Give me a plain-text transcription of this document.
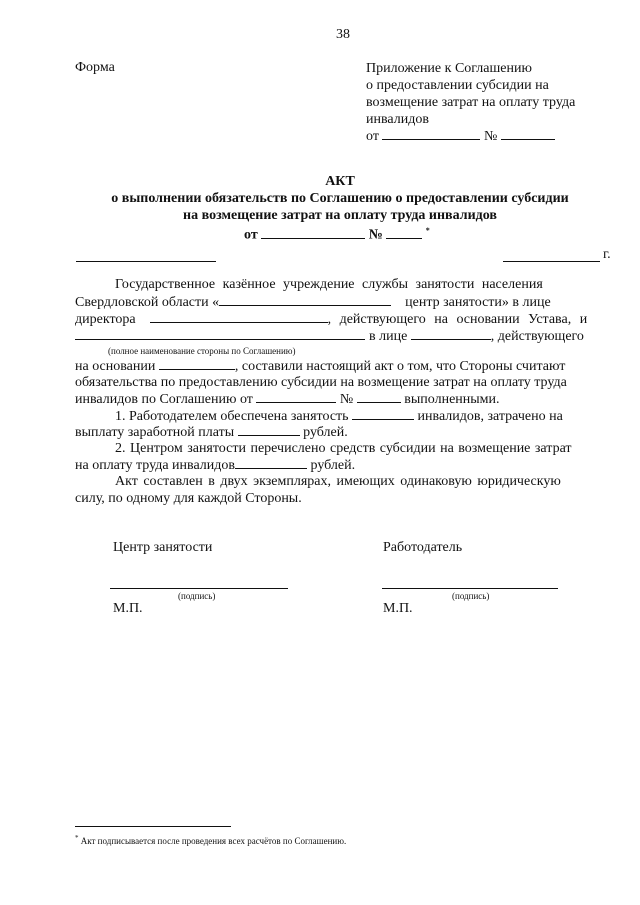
38
Форма	Приложение к Соглашению
о предоставлении субсидии на
возмещение затрат на оплату труда
инвалидов
от	№
АКТ
о выполнении обязательств по Соглашению о предоставлении субсидии
на возмещение затрат на оплату труда инвалидов
от	№	*
г.
Государственное казённое учреждение службы занятости населения
Свердловской области «	центр занятости» в лице
директора	, действующего на основании Устава, и
в лице	, действующего
(полное наименование стороны по Соглашению)
на основании	, составили настоящий акт о том, что Стороны считают
обязательства по предоставлению субсидии на возмещение затрат на оплату труда
инвалидов по Соглашению от	№	выполненными.
1. Работодателем обеспечена занятость	инвалидов, затрачено на
выплату заработной платы	рублей.
2. Центром занятости перечислено средств субсидии на возмещение затрат
на оплату труда инвалидов	рублей.
Акт составлен в двух экземплярах, имеющих одинаковую юридическую
силу, по одному для каждой Стороны.
Центр занятости	Работодатель
(подпись)	(подпись)
М.П.	М.П.
* Акт подписывается после проведения всех расчётов по Соглашению.
